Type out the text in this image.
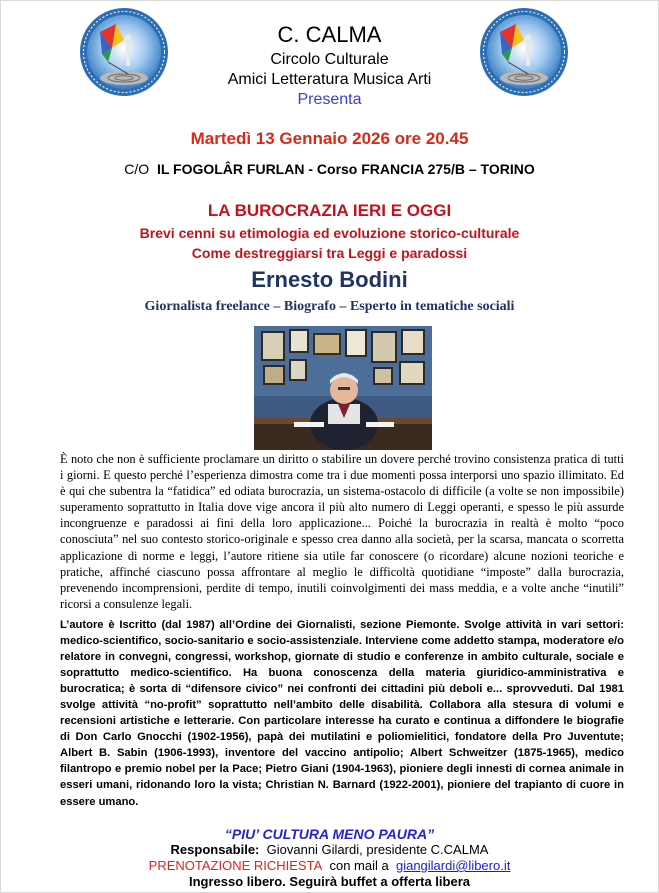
C. CALMA
Circolo Culturale
Amici Letteratura Musica Arti
Presenta
Martedì 13 Gennaio 2026 ore 20.45
C/O IL FOGOLÂR FURLAN - Corso FRANCIA 275/B – TORINO
LA BUROCRAZIA IERI E OGGI
Brevi cenni su etimologia ed evoluzione storico-culturale
Come destreggiarsi tra Leggi e paradossi
Ernesto Bodini
Giornalista freelance – Biografo – Esperto in tematiche sociali

È noto che non è sufficiente proclamare un diritto o stabilire un dovere perché trovino consistenza pratica di tutti i giorni. E questo perché l’esperienza dimostra come tra i due momenti possa interporsi uno spazio illimitato. Ed è qui che subentra la “fatidica” ed odiata burocrazia, un sistema-ostacolo di difficile (a volte se non impossibile) superamento soprattutto in Italia dove vige ancora il più alto numero di Leggi operanti, e spesso le più assurde incongruenze e paradossi ai fini della loro applicazione... Poiché la burocrazia in realtà è molto “poco conosciuta” nel suo contesto storico-originale e spesso crea danno alla società, per la scarsa, mancata o scorretta applicazione di norme e leggi, l’autore ritiene sia utile far conoscere (o ricordare) alcune nozioni teoriche e pratiche, affinché ciascuno possa affrontare al meglio le difficoltà quotidiane “imposte” dalla burocrazia, prevenendo incomprensioni, perdite di tempo, inutili coinvolgimenti dei mass meddia, e a volte anche “inutili” ricorsi a consulenze legali.

L’autore è Iscritto (dal 1987) all’Ordine dei Giornalisti, sezione Piemonte. Svolge attività in vari settori: medico-scientifico, socio-sanitario e socio-assistenziale. Interviene come addetto stampa, moderatore e/o relatore in convegni, congressi, workshop, giornate di studio e conferenze in ambito culturale, sociale e soprattutto medico-scientifico. Ha buona conoscenza della materia giuridico-amministrativa e burocratica; è sorta di “difensore civico” nei confronti dei cittadini più deboli e... sprovveduti. Dal 1981 svolge attività “no-profit” soprattutto nell’ambito delle disabilità. Collabora alla stesura di volumi e recensioni artistiche e letterarie. Con particolare interesse ha curato e continua a diffondere le biografie di Don Carlo Gnocchi (1902-1956), papà dei mutilatini e poliomielitici, fondatore della Pro Juventute; Albert B. Sabin (1906-1993), inventore del vaccino antipolio; Albert Schweitzer (1875-1965), medico filantropo e premio nobel per la Pace; Pietro Giani (1904-1963), pioniere degli innesti di cornea animale in esseri umani, ridonando loro la vista; Christian N. Barnard (1922-2001), pioniere del trapianto di cuore in essere umano.

“PIU’ CULTURA MENO PAURA”
Responsabile: Giovanni Gilardi, presidente C.CALMA
PRENOTAZIONE RICHIESTA con mail a giangilardi@libero.it
Ingresso libero. Seguirà buffet a offerta libera
